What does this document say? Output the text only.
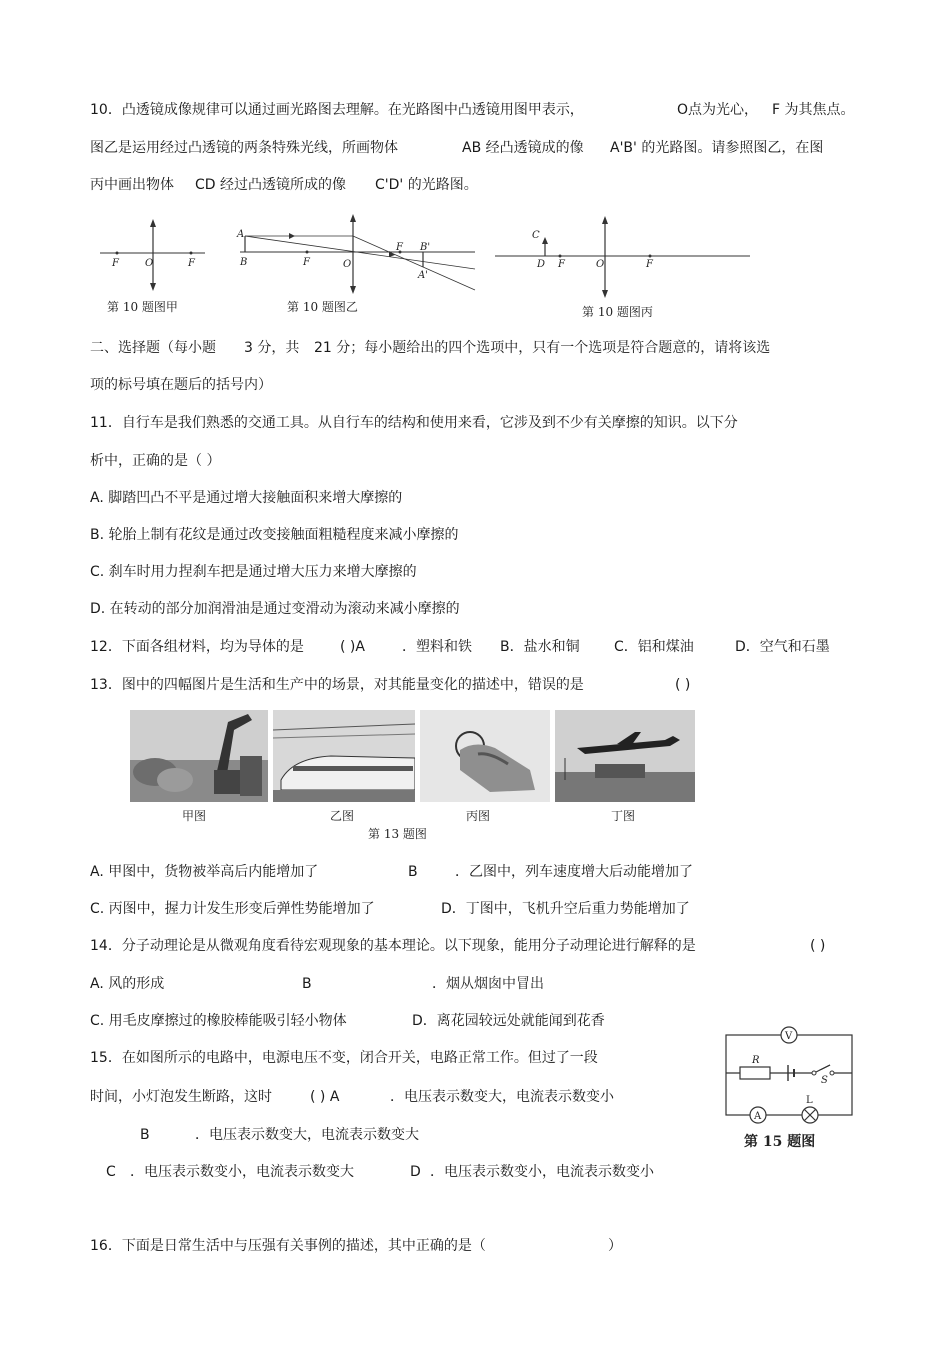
10．凸透镜成像规律可以通过画光路图去理解。在光路图中凸透镜用图甲表示，	O点为光心， F 为其焦点。
图乙是运用经过凸透镜的两条特殊光线，所画物体	AB 经凸透镜成的像 A'B' 的光路图。请参照图乙，在图
丙中画出物体 CD 经过凸透镜所成的像 C'D' 的光路图。
F	O	F
第 10 题图甲
A
B	F	O
F B'
A'
第 10 题图乙
C
D F	O	F
第 10 题图丙
二、选择题（每小题 3 分，共 21 分；每小题给出的四个选项中，只有一个选项是符合题意的，请将该选
项的标号填在题后的括号内）
11．自行车是我们熟悉的交通工具。从自行车的结构和使用来看，它涉及到不少有关摩擦的知识。以下分
析中，正确的是（ ）
A. 脚踏凹凸不平是通过增大接触面积来增大摩擦的
B. 轮胎上制有花纹是通过改变接触面粗糙程度来减小摩擦的
C. 刹车时用力捏刹车把是通过增大压力来增大摩擦的
D. 在转动的部分加润滑油是通过变滑动为滚动来减小摩擦的
12．下面各组材料，均为导体的是	( )A	．塑料和铁 B．盐水和铜 C．铝和煤油	D．空气和石墨
13．图中的四幅图片是生活和生产中的场景，对其能量变化的描述中，错误的是	( )
甲图	乙图	丙图	丁图
第 13 题图
A. 甲图中，货物被举高后内能增加了	B	．乙图中，列车速度增大后动能增加了
C. 丙图中，握力计发生形变后弹性势能增加了	D．丁图中，飞机升空后重力势能增加了
14．分子动理论是从微观角度看待宏观现象的基本理论。以下现象，能用分子动理论进行解释的是	( )
A. 风的形成	B	．烟从烟囱中冒出
C. 用毛皮摩擦过的橡胶棒能吸引轻小物体	D．离花园较远处就能闻到花香
15．在如图所示的电路中，电源电压不变，闭合开关，电路正常工作。但过了一段
时间，小灯泡发生断路，这时	( ) A	．电压表示数变大，电流表示数变小
B	．电压表示数变大，电流表示数变大
C ．电压表示数变小，电流表示数变大	D ．电压表示数变小，电流表示数变小
V
R
S
A
L
第 15 题图
16．下面是日常生活中与压强有关事例的描述，其中正确的是（	）
